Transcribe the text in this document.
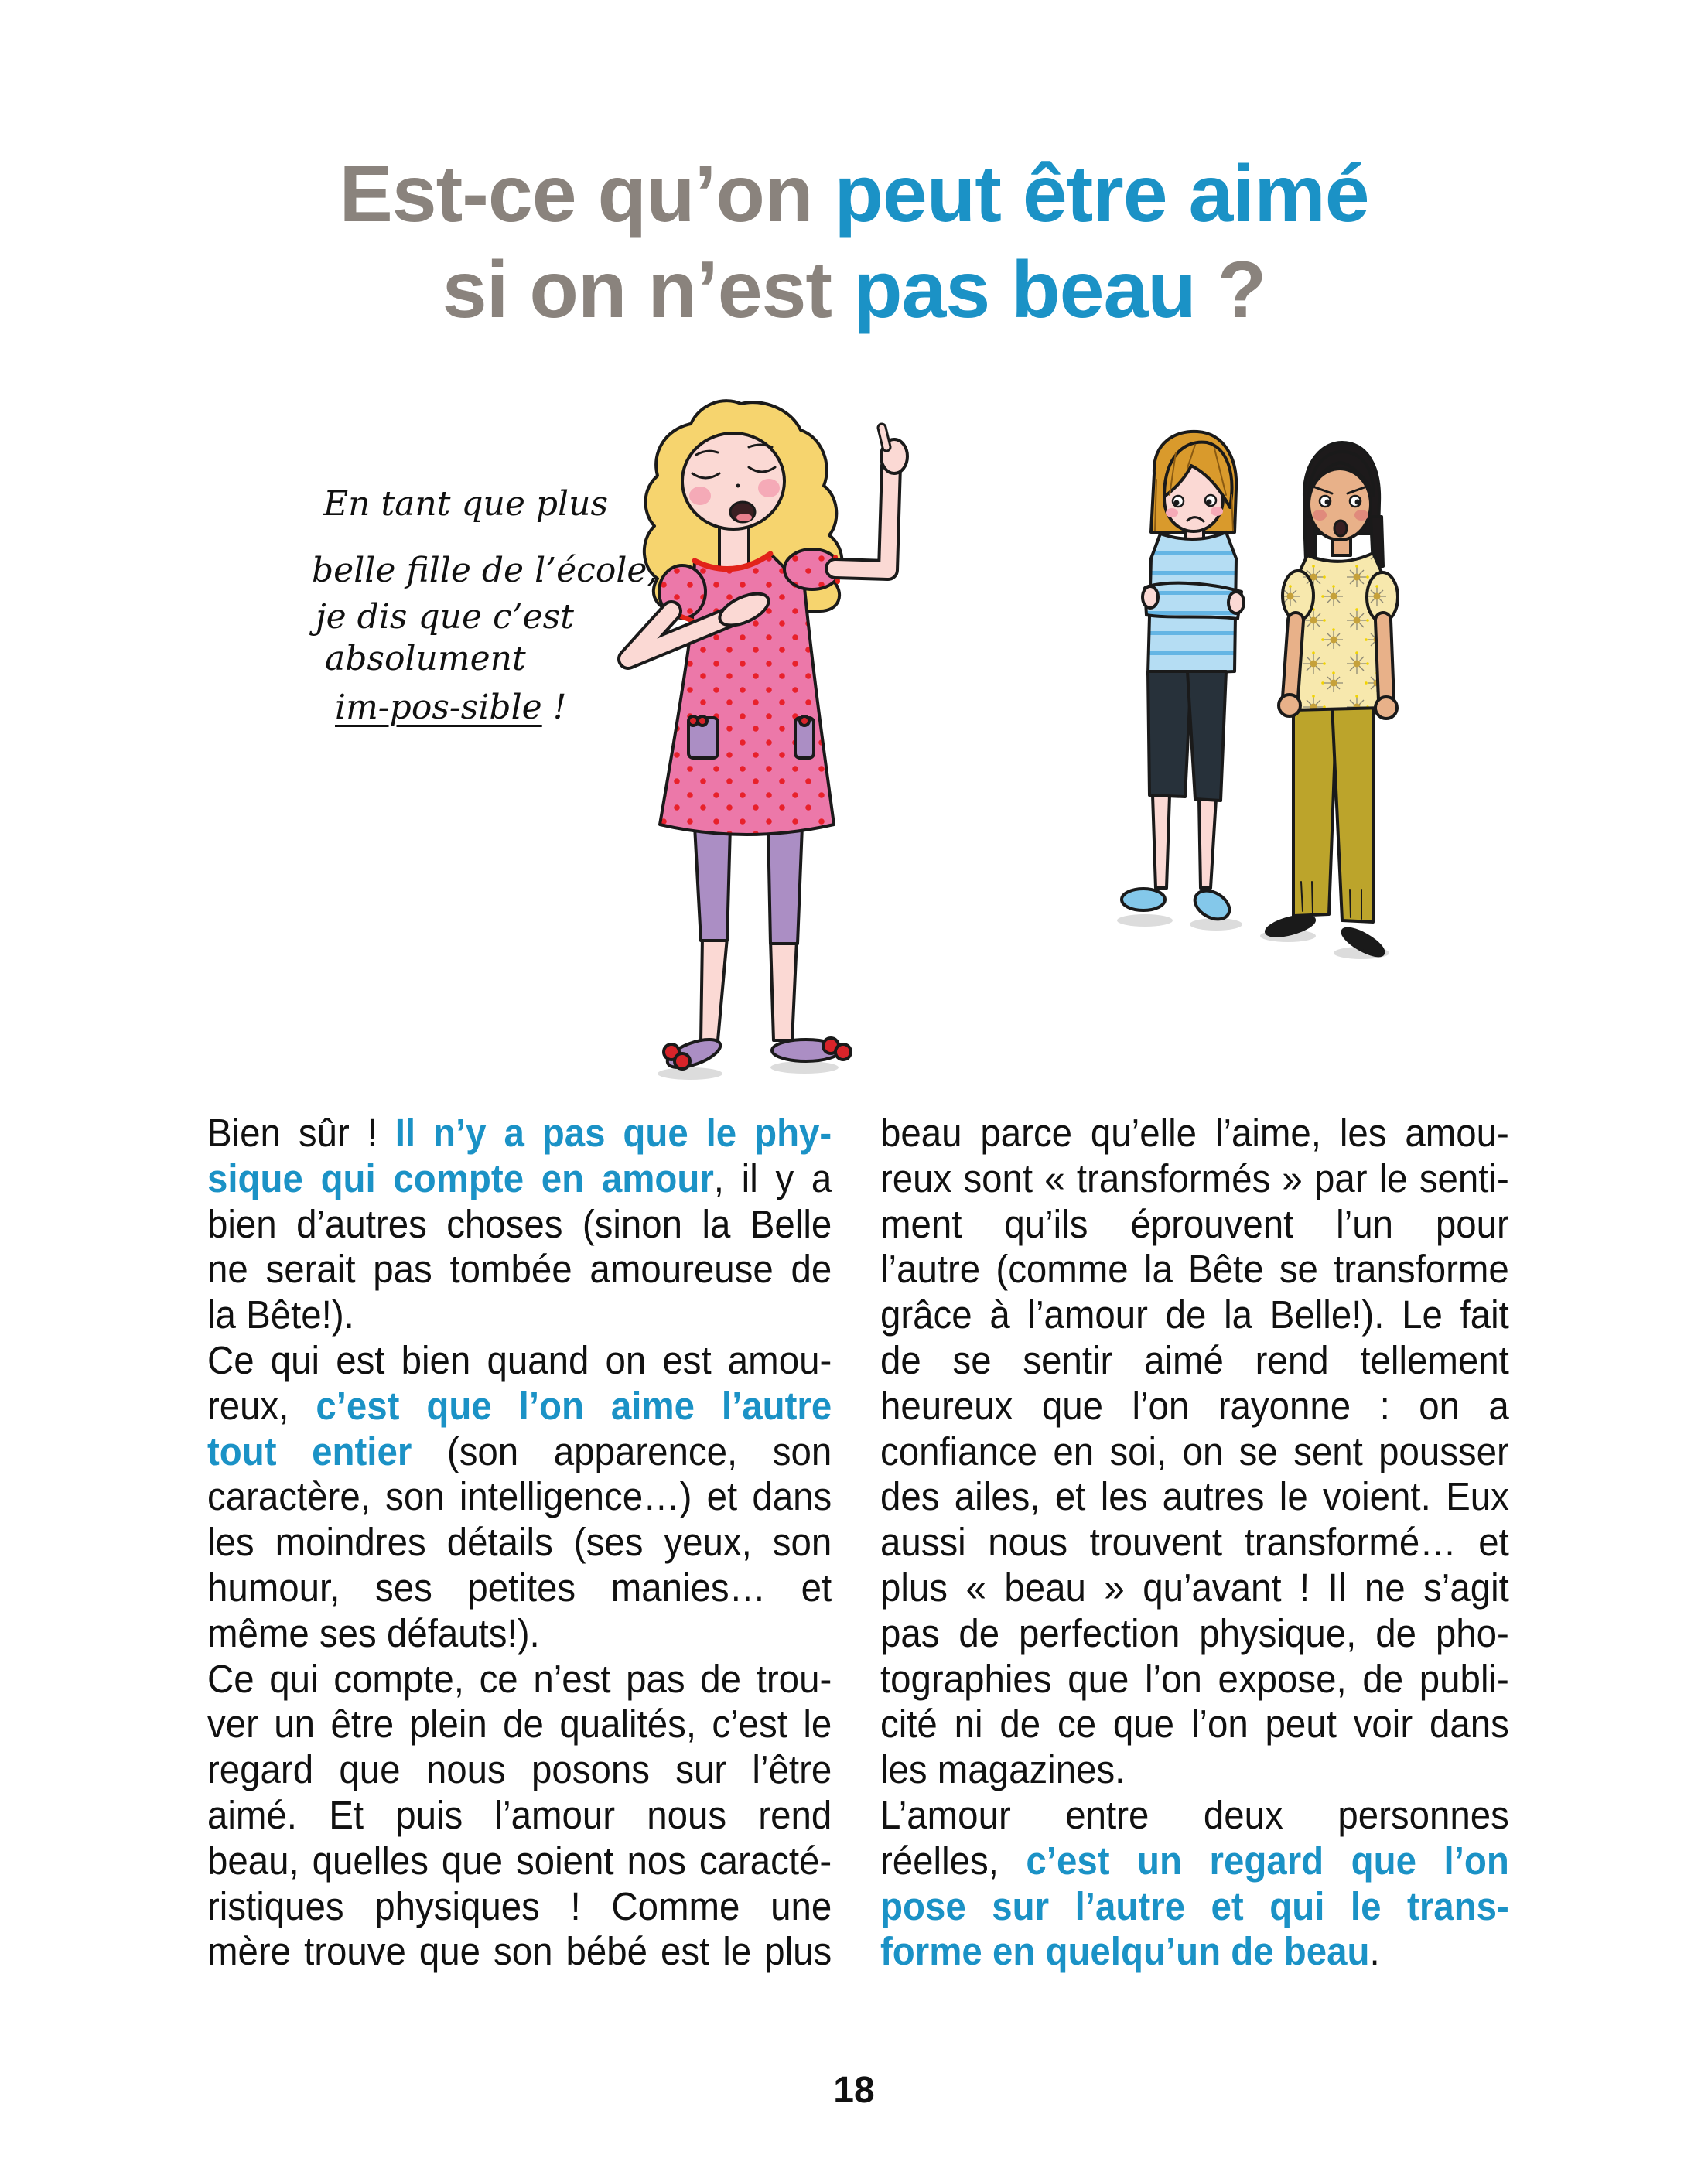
Est-ce qu’on peut être aimé
si on n’est pas beau ?
En tant que plus
belle fille de l’école,
je dis que c’est
absolument
im-pos-sible !
Bien sûr ! Il n’y a pas que le phy-
sique qui compte en amour, il y a
bien d’autres choses (sinon la Belle
ne serait pas tombée amoureuse de
la Bête!).
Ce qui est bien quand on est amou-
reux, c’est que l’on aime l’autre
tout entier (son apparence, son
caractère, son intelligence…) et dans
les moindres détails (ses yeux, son
humour, ses petites manies… et
même ses défauts!).
Ce qui compte, ce n’est pas de trou-
ver un être plein de qualités, c’est le
regard que nous posons sur l’être
aimé. Et puis l’amour nous rend
beau, quelles que soient nos caracté-
ristiques physiques ! Comme une
mère trouve que son bébé est le plus
beau parce qu’elle l’aime, les amou-
reux sont « transformés » par le senti-
ment qu’ils éprouvent l’un pour
l’autre (comme la Bête se transforme
grâce à l’amour de la Belle!). Le fait
de se sentir aimé rend tellement
heureux que l’on rayonne : on a
confiance en soi, on se sent pousser
des ailes, et les autres le voient. Eux
aussi nous trouvent transformé… et
plus « beau » qu’avant ! Il ne s’agit
pas de perfection physique, de pho-
tographies que l’on expose, de publi-
cité ni de ce que l’on peut voir dans
les magazines.
L’amour entre deux personnes
réelles, c’est un regard que l’on
pose sur l’autre et qui le trans-
forme en quelqu’un de beau.
18
